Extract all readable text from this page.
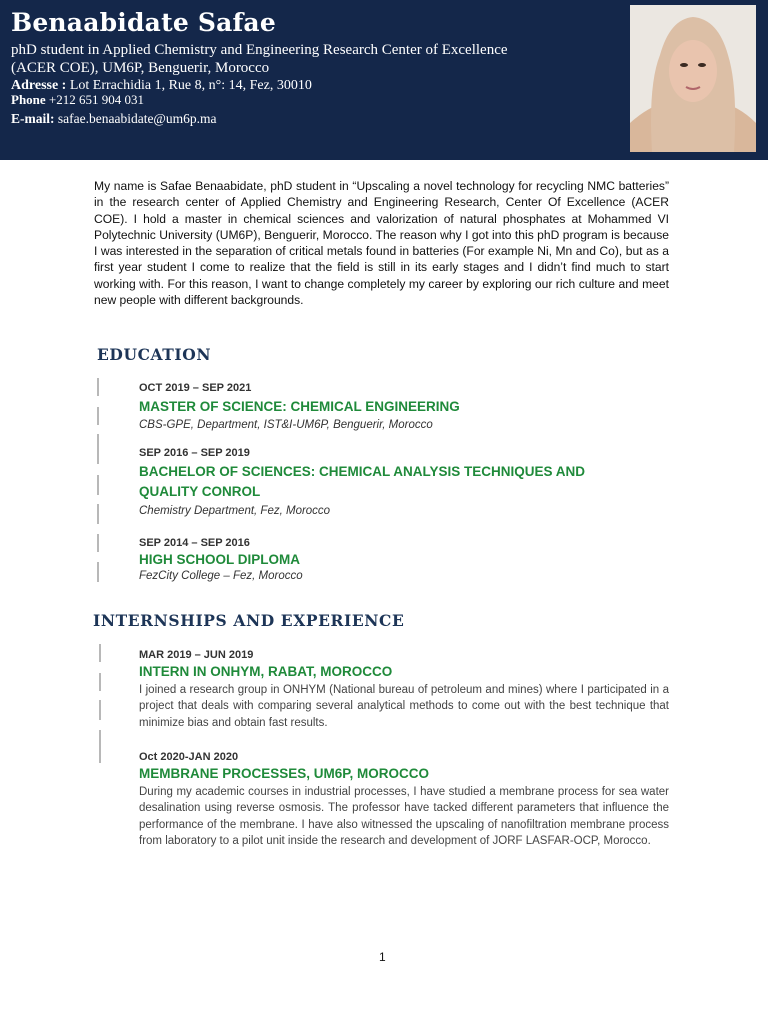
Benaabidate Safae
phD student in Applied Chemistry and Engineering Research Center of Excellence
(ACER COE), UM6P, Benguerir, Morocco
Adresse : Lot Errachidia 1, Rue 8, n°: 14, Fez, 30010
Phone +212 651 904 031
E-mail: safae.benaabidate@um6p.ma
My name is Safae Benaabidate, phD student in “Upscaling a novel technology for recycling NMC batteries” in the research center of Applied Chemistry and Engineering Research, Center Of Excellence (ACER COE). I hold a master in chemical sciences and valorization of natural phosphates at Mohammed VI Polytechnic University (UM6P), Benguerir, Morocco. The reason why I got into this phD program is because I was interested in the separation of critical metals found in batteries (For example Ni, Mn and Co), but as a first year student I come to realize that the field is still in its early stages and I didn’t find much to start working with. For this reason, I want to change completely my career by exploring our rich culture and meet new people with different backgrounds.
EDUCATION
OCT 2019 – SEP 2021
MASTER OF SCIENCE: CHEMICAL ENGINEERING
CBS-GPE, Department, IST&I-UM6P, Benguerir, Morocco
SEP 2016 – SEP 2019
BACHELOR OF SCIENCES: CHEMICAL ANALYSIS TECHNIQUES AND QUALITY CONROL
Chemistry Department, Fez, Morocco
SEP 2014 – SEP 2016
HIGH SCHOOL DIPLOMA
FezCity College – Fez, Morocco
INTERNSHIPS AND EXPERIENCE
MAR 2019 – JUN 2019
INTERN IN ONHYM, RABAT, MOROCCO
I joined a research group in ONHYM (National bureau of petroleum and mines) where I participated in a project that deals with comparing several analytical methods to come out with the best technique that minimize bias and obtain fast results.
Oct 2020-JAN 2020
MEMBRANE PROCESSES, UM6P, MOROCCO
During my academic courses in industrial processes, I have studied a membrane process for sea water desalination using reverse osmosis. The professor have tacked different parameters that influence the performance of the membrane. I have also witnessed the upscaling of nanofiltration membrane process from laboratory to a pilot unit inside the research and development of JORF LASFAR-OCP, Morocco.
1
